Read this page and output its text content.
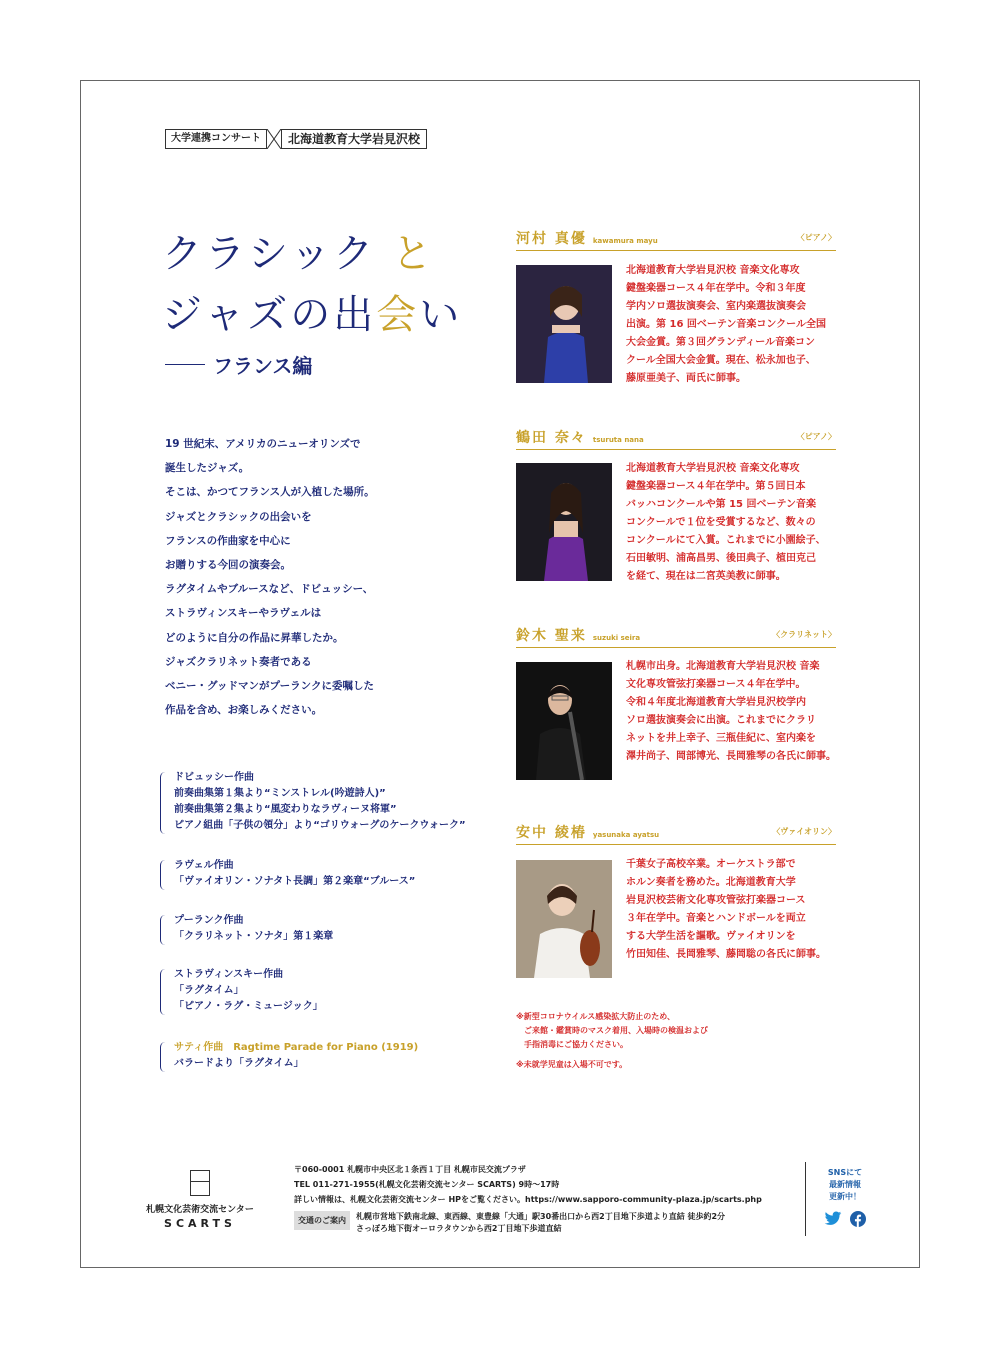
大学連携コンサート	北海道教育大学岩見沢校
クラシック と
ジャズの出会い
フランス編
19 世紀末、アメリカのニューオリンズで
誕生したジャズ。
そこは、かつてフランス人が入植した場所。
ジャズとクラシックの出会いを
フランスの作曲家を中心に
お贈りする今回の演奏会。
ラグタイムやブルースなど、ドビュッシー、
ストラヴィンスキーやラヴェルは
どのように自分の作品に昇華したか。
ジャズクラリネット奏者である
ベニー・グッドマンがプーランクに委嘱した
作品を含め、お楽しみください。
ドビュッシー作曲
前奏曲集第１集より“ミンストレル(吟遊詩人)”
前奏曲集第２集より“風変わりなラヴィーヌ将軍”
ピアノ組曲「子供の領分」より“ゴリウォーグのケークウォーク”
ラヴェル作曲
「ヴァイオリン・ソナタト長調」第２楽章“ブルース”
プーランク作曲
「クラリネット・ソナタ」第１楽章
ストラヴィンスキー作曲
「ラグタイム」
「ピアノ・ラグ・ミュージック」
サティ作曲　Ragtime Parade for Piano (1919)
バラードより「ラグタイム」
河村 真優 kawamura mayu	〈ピアノ〉
北海道教育大学岩見沢校 音楽文化専攻
鍵盤楽器コース４年在学中。令和３年度
学内ソロ選抜演奏会、室内楽選抜演奏会
出演。第 16 回ベーテン音楽コンクール全国
大会金賞。第３回グランディール音楽コン
クール全国大会金賞。現在、松永加也子、
藤原亜美子、両氏に師事。
鶴田 奈々 tsuruta nana	〈ピアノ〉
北海道教育大学岩見沢校 音楽文化専攻
鍵盤楽器コース４年在学中。第５回日本
バッハコンクールや第 15 回ベーテン音楽
コンクールで１位を受賞するなど、数々の
コンクールにて入賞。これまでに小園絵子、
石田敏明、浦高昌男、後田典子、植田克己
を経て、現在は二宮英美教に師事。
鈴木 聖来 suzuki seira	〈クラリネット〉
札幌市出身。北海道教育大学岩見沢校 音楽
文化専攻管弦打楽器コース４年在学中。
令和４年度北海道教育大学岩見沢校学内
ソロ選抜演奏会に出演。これまでにクラリ
ネットを井上幸子、三瓶佳紀に、室内楽を
澤井尚子、岡部博光、長岡雅琴の各氏に師事。
安中 綾椿 yasunaka ayatsu	〈ヴァイオリン〉
千葉女子高校卒業。オーケストラ部で
ホルン奏者を務めた。北海道教育大学
岩見沢校芸術文化専攻管弦打楽器コース
３年在学中。音楽とハンドボールを両立
する大学生活を謳歌。ヴァイオリンを
竹田知佳、長岡雅琴、藤岡聡の各氏に師事。
※新型コロナウイルス感染拡大防止のため、
　ご来館・鑑賞時のマスク着用、入場時の検温および
　手指消毒にご協力ください。
※未就学児童は入場不可です。
札幌文化芸術交流センター
SCARTS
〒060-0001 札幌市中央区北１条西１丁目 札幌市民交流プラザ
TEL 011-271-1955(札幌文化芸術交流センター SCARTS) 9時〜17時
詳しい情報は、札幌文化芸術交流センター HPをご覧ください。https://www.sapporo-community-plaza.jp/scarts.php
交通のご案内	札幌市営地下鉄南北線、東西線、東豊線「大通」駅30番出口から西2丁目地下歩道より直結 徒歩約2分
さっぽろ地下街オーロラタウンから西2丁目地下歩道直結
SNSにて
最新情報
更新中！
